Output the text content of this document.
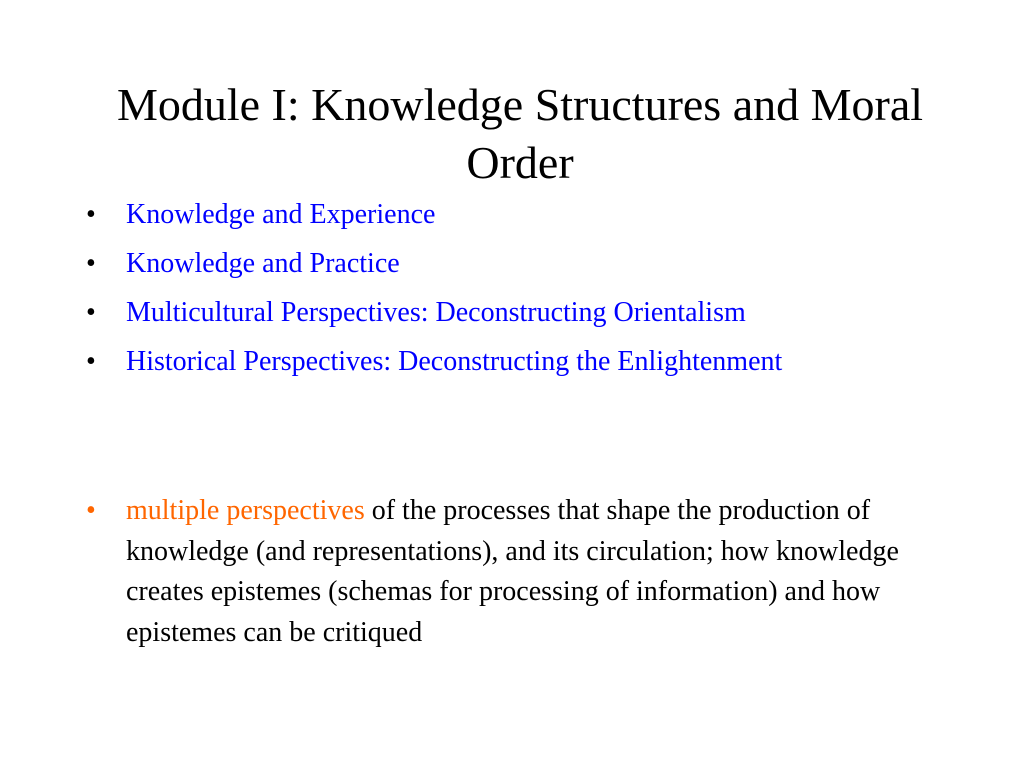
Module I: Knowledge Structures and Moral Order
• Knowledge and Experience
• Knowledge and Practice
• Multicultural Perspectives: Deconstructing Orientalism
• Historical Perspectives: Deconstructing the Enlightenment
• multiple perspectives of the processes that shape the production of knowledge (and representations), and its circulation; how knowledge creates epistemes (schemas for processing of information) and how epistemes can be critiqued
